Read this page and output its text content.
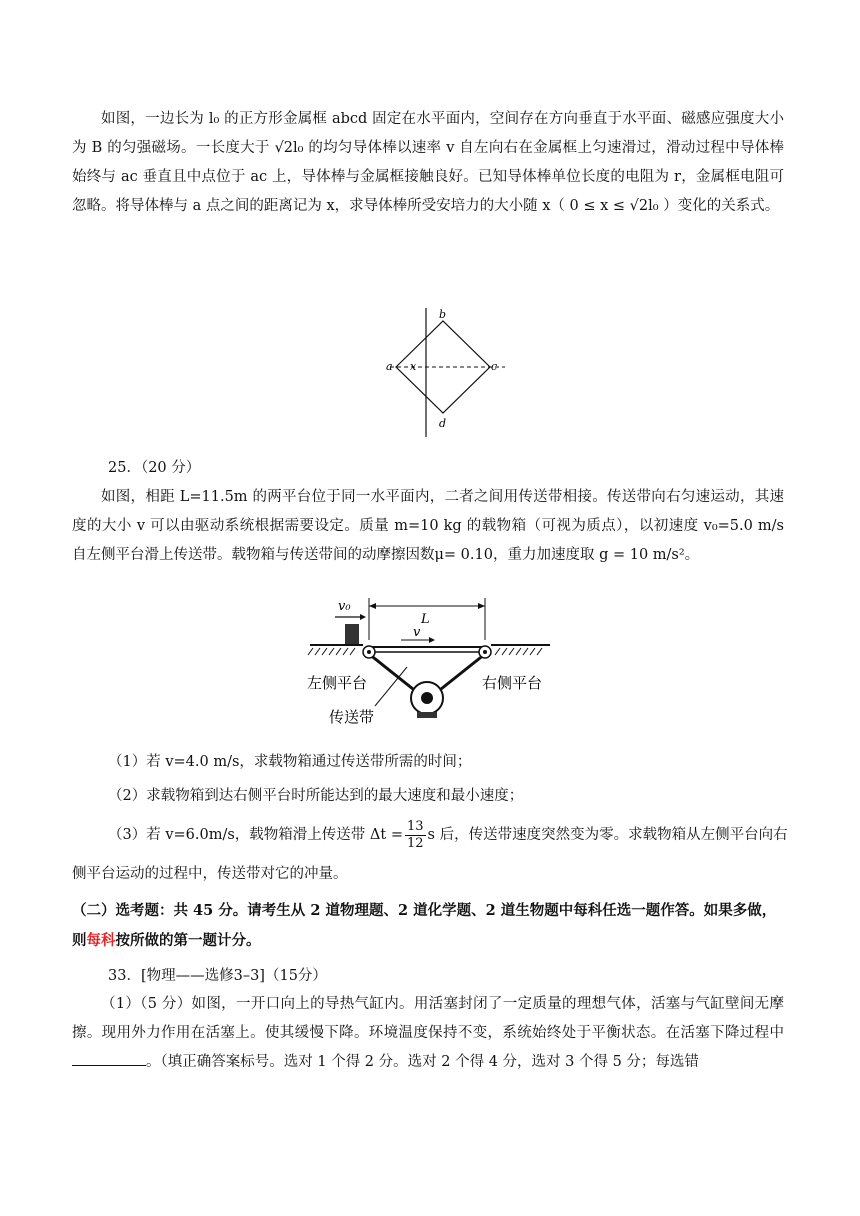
如图，一边长为 l₀ 的正方形金属框 abcd 固定在水平面内，空间存在方向垂直于水平面、磁感应强度大小为 B 的匀强磁场。一长度大于 √2l₀ 的均匀导体棒以速率 v 自左向右在金属框上匀速滑过，滑动过程中导体棒始终与 ac 垂直且中点位于 ac 上，导体棒与金属框接触良好。已知导体棒单位长度的电阻为 r，金属框电阻可忽略。将导体棒与 a 点之间的距离记为 x，求导体棒所受安培力的大小随 x（ 0 ≤ x ≤ √2l₀ ）变化的关系式。

a
b
c
d
x
25．（20 分）

如图，相距 L=11.5m 的两平台位于同一水平面内，二者之间用传送带相接。传送带向右匀速运动，其速度的大小 v 可以由驱动系统根据需要设定。质量 m=10 kg 的载物箱（可视为质点），以初速度 v₀=5.0 m/s 自左侧平台滑上传送带。载物箱与传送带间的动摩擦因数μ= 0.10，重力加速度取 g = 10 m/s²。

v₀
L
v
左侧平台	右侧平台
传送带
（1）若 v=4.0 m/s，求载物箱通过传送带所需的时间；
（2）求载物箱到达右侧平台时所能达到的最大速度和最小速度；
（3）若 v=6.0m/s，载物箱滑上传送带 $\Delta t = \frac{13}{12}$ s 后，传送带速度突然变为零。求载物箱从左侧平台向右
侧平台运动的过程中，传送带对它的冲量。
（二）选考题：共 45 分。请考生从 2 道物理题、2 道化学题、2 道生物题中每科任选一题作答。如果多做，
则每科按所做的第一题计分。
33．[物理——选修3–3]（15分）

（1）（5 分）如图，一开口向上的导热气缸内。用活塞封闭了一定质量的理想气体，活塞与气缸壁间无摩擦。现用外力作用在活塞上。使其缓慢下降。环境温度保持不变，系统始终处于平衡状态。在活塞下降过程中。（填正确答案标号。选对 1 个得 2 分。选对 2 个得 4 分，选对 3 个得 5 分；每选错
